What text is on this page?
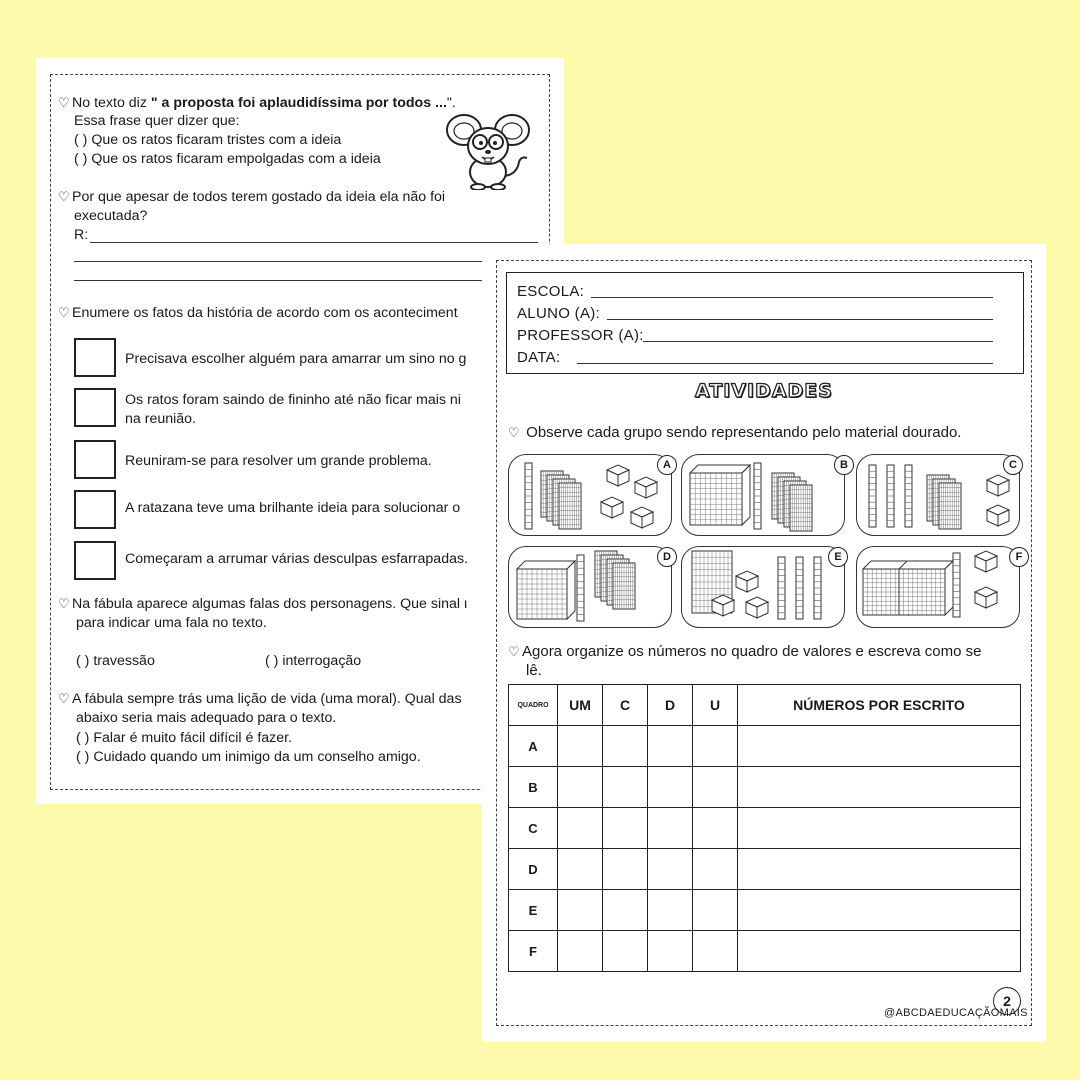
♡ No texto diz " a proposta foi aplaudidíssima por todos ...".
Essa frase quer dizer que:
( ) Que os ratos ficaram tristes com a ideia
( ) Que os ratos ficaram empolgadas com a ideia
♡ Por que apesar de todos terem gostado da ideia ela não foi
executada?
R:
♡ Enumere os fatos da história de acordo com os aconteciment
Precisava escolher alguém para amarrar um sino no g
Os ratos foram saindo de fininho até não ficar mais ni
na reunião.
Reuniram-se para resolver um grande problema.
A ratazana teve uma brilhante ideia para solucionar o
Começaram a arrumar várias desculpas esfarrapadas.
♡ Na fábula aparece algumas falas dos personagens. Que sinal ι
para indicar uma fala no texto.
( ) travessão	( ) interrogação
♡ A fábula sempre trás uma lição de vida (uma moral). Qual das
abaixo seria mais adequado para o texto.
( ) Falar é muito fácil difícil é fazer.
( ) Cuidado quando um inimigo da um conselho amigo.
ESCOLA:
ALUNO (A):
PROFESSOR (A):
DATA:
ATIVIDADES
♡ Observe cada grupo sendo representando pelo material dourado.
A	B	C
D	E	F
♡ Agora organize os números no quadro de valores e escreva como se
lê.
QUADRO	UM	C	D	U	NÚMEROS POR ESCRITO
A					
B					
C					
D					
E					
F					
2
@ABCDAEDUCAÇÃOMAIS
